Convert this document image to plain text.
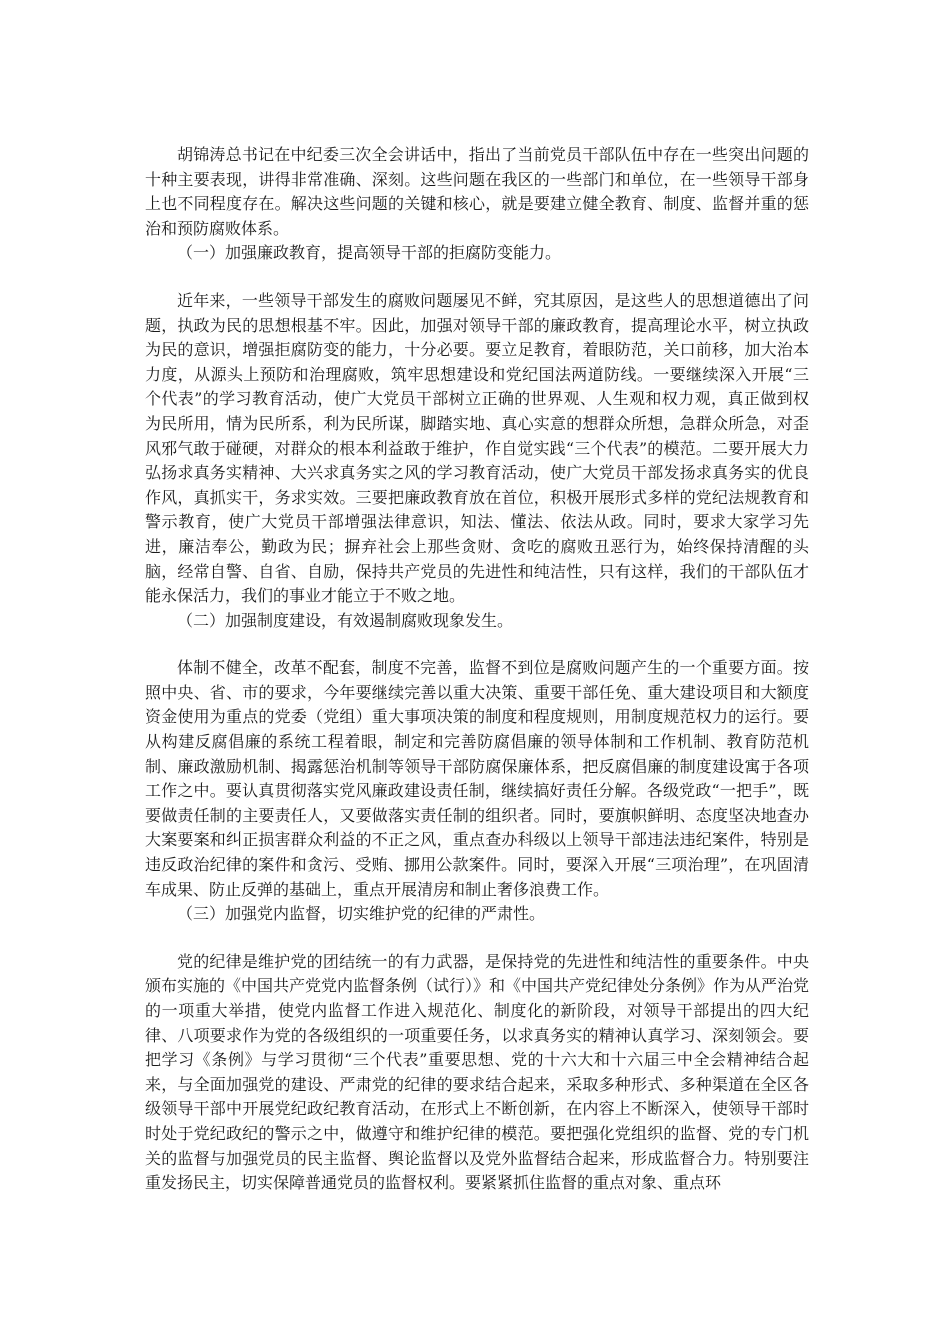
胡锦涛总书记在中纪委三次全会讲话中，指出了当前党员干部队伍中存在一些突出问题的十种主要表现，讲得非常准确、深刻。这些问题在我区的一些部门和单位，在一些领导干部身上也不同程度存在。解决这些问题的关键和核心，就是要建立健全教育、制度、监督并重的惩治和预防腐败体系。

（一）加强廉政教育，提高领导干部的拒腐防变能力。

近年来，一些领导干部发生的腐败问题屡见不鲜，究其原因，是这些人的思想道德出了问题，执政为民的思想根基不牢。因此，加强对领导干部的廉政教育，提高理论水平，树立执政为民的意识，增强拒腐防变的能力，十分必要。要立足教育，着眼防范，关口前移，加大治本力度，从源头上预防和治理腐败，筑牢思想建设和党纪国法两道防线。一要继续深入开展“三个代表”的学习教育活动，使广大党员干部树立正确的世界观、人生观和权力观，真正做到权为民所用，情为民所系，利为民所谋，脚踏实地、真心实意的想群众所想，急群众所急，对歪风邪气敢于碰硬，对群众的根本利益敢于维护，作自觉实践“三个代表”的模范。二要开展大力弘扬求真务实精神、大兴求真务实之风的学习教育活动，使广大党员干部发扬求真务实的优良作风，真抓实干，务求实效。三要把廉政教育放在首位，积极开展形式多样的党纪法规教育和警示教育，使广大党员干部增强法律意识，知法、懂法、依法从政。同时，要求大家学习先进，廉洁奉公，勤政为民；摒弃社会上那些贪财、贪吃的腐败丑恶行为，始终保持清醒的头脑，经常自警、自省、自励，保持共产党员的先进性和纯洁性，只有这样，我们的干部队伍才能永保活力，我们的事业才能立于不败之地。

（二）加强制度建设，有效遏制腐败现象发生。

体制不健全，改革不配套，制度不完善，监督不到位是腐败问题产生的一个重要方面。按照中央、省、市的要求，今年要继续完善以重大决策、重要干部任免、重大建设项目和大额度资金使用为重点的党委（党组）重大事项决策的制度和程度规则，用制度规范权力的运行。要从构建反腐倡廉的系统工程着眼，制定和完善防腐倡廉的领导体制和工作机制、教育防范机制、廉政激励机制、揭露惩治机制等领导干部防腐保廉体系，把反腐倡廉的制度建设寓于各项工作之中。要认真贯彻落实党风廉政建设责任制，继续搞好责任分解。各级党政“一把手”，既要做责任制的主要责任人，又要做落实责任制的组织者。同时，要旗帜鲜明、态度坚决地查办大案要案和纠正损害群众利益的不正之风，重点查办科级以上领导干部违法违纪案件，特别是违反政治纪律的案件和贪污、受贿、挪用公款案件。同时，要深入开展“三项治理”，在巩固清车成果、防止反弹的基础上，重点开展清房和制止奢侈浪费工作。

（三）加强党内监督，切实维护党的纪律的严肃性。

党的纪律是维护党的团结统一的有力武器，是保持党的先进性和纯洁性的重要条件。中央颁布实施的《中国共产党党内监督条例（试行）》和《中国共产党纪律处分条例》作为从严治党的一项重大举措，使党内监督工作进入规范化、制度化的新阶段，对领导干部提出的四大纪律、八项要求作为党的各级组织的一项重要任务，以求真务实的精神认真学习、深刻领会。要把学习《条例》与学习贯彻“三个代表”重要思想、党的十六大和十六届三中全会精神结合起来，与全面加强党的建设、严肃党的纪律的要求结合起来，采取多种形式、多种渠道在全区各级领导干部中开展党纪政纪教育活动，在形式上不断创新，在内容上不断深入，使领导干部时时处于党纪政纪的警示之中，做遵守和维护纪律的模范。要把强化党组织的监督、党的专门机关的监督与加强党员的民主监督、舆论监督以及党外监督结合起来，形成监督合力。特别要注重发扬民主，切实保障普通党员的监督权利。要紧紧抓住监督的重点对象、重点环
